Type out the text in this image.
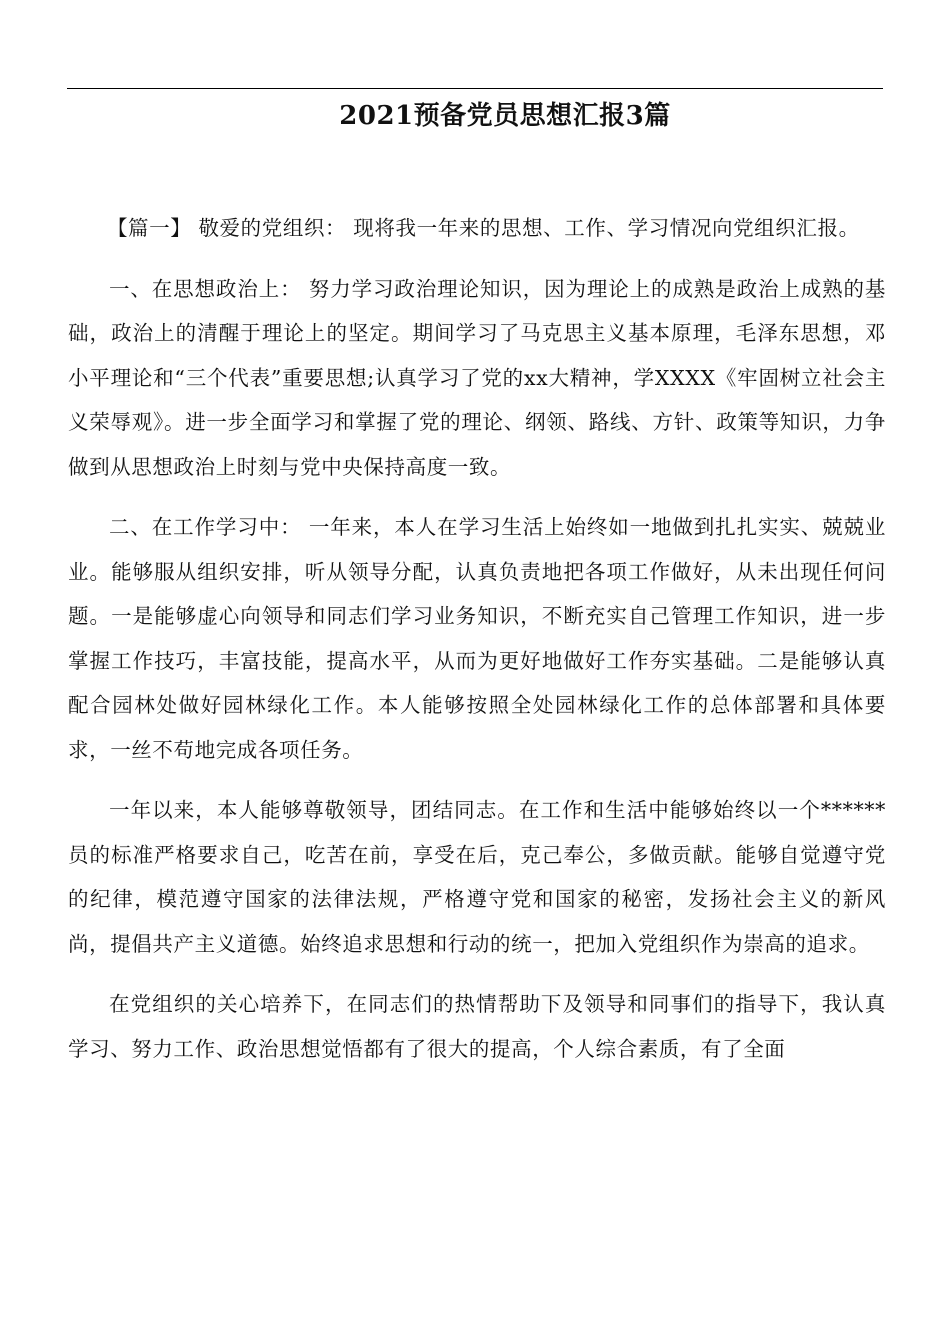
2021预备党员思想汇报3篇

【篇一】 敬爱的党组织： 现将我一年来的思想、工作、学习情况向党组织汇报。

一、在思想政治上： 努力学习政治理论知识，因为理论上的成熟是政治上成熟的基础，政治上的清醒于理论上的坚定。期间学习了马克思主义基本原理，毛泽东思想，邓小平理论和“三个代表”重要思想;认真学习了党的xx大精神，学XXXX《牢固树立社会主义荣辱观》。进一步全面学习和掌握了党的理论、纲领、路线、方针、政策等知识，力争做到从思想政治上时刻与党中央保持高度一致。

二、在工作学习中： 一年来，本人在学习生活上始终如一地做到扎扎实实、兢兢业业。能够服从组织安排，听从领导分配，认真负责地把各项工作做好，从未出现任何问题。一是能够虚心向领导和同志们学习业务知识，不断充实自己管理工作知识，进一步掌握工作技巧，丰富技能，提高水平，从而为更好地做好工作夯实基础。二是能够认真配合园林处做好园林绿化工作。本人能够按照全处园林绿化工作的总体部署和具体要求，一丝不苟地完成各项任务。

一年以来，本人能够尊敬领导，团结同志。在工作和生活中能够始终以一个******员的标准严格要求自己，吃苦在前，享受在后，克己奉公，多做贡献。能够自觉遵守党的纪律，模范遵守国家的法律法规，严格遵守党和国家的秘密，发扬社会主义的新风尚，提倡共产主义道德。始终追求思想和行动的统一，把加入党组织作为崇高的追求。

在党组织的关心培养下，在同志们的热情帮助下及领导和同事们的指导下，我认真学习、努力工作、政治思想觉悟都有了很大的提高，个人综合素质，有了全面
